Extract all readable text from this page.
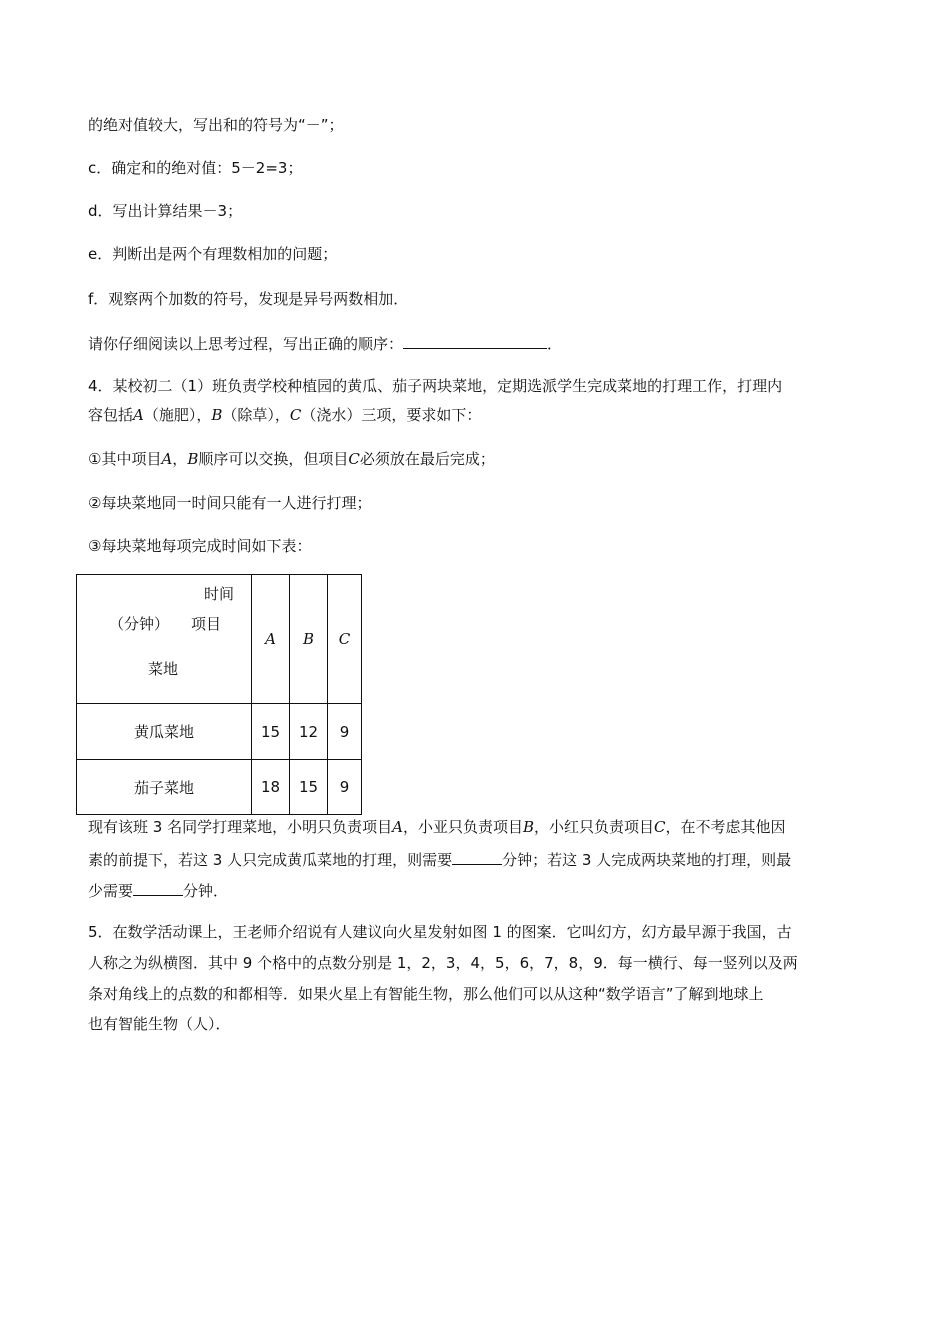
的绝对值较大，写出和的符号为“－”；
c．确定和的绝对值：5－2=3；
d．写出计算结果－3；
e．判断出是两个有理数相加的问题；
f．观察两个加数的符号，发现是异号两数相加．
请你仔细阅读以上思考过程，写出正确的顺序：	．
4．某校初二（1）班负责学校种植园的黄瓜、茄子两块菜地，定期选派学生完成菜地的打理工作，打理内
容包括A（施肥），B（除草），C（浇水）三项，要求如下：
①其中项目A，B顺序可以交换，但项目C必须放在最后完成；
②每块菜地同一时间只能有一人进行打理；
③每块菜地每项完成时间如下表：
时间
（分钟） 项目
菜地	A	B	C
黄瓜菜地	15	12	9
茄子菜地	18	15	9
现有该班 3 名同学打理菜地，小明只负责项目A，小亚只负责项目B，小红只负责项目C，在不考虑其他因
素的前提下，若这 3 人只完成黄瓜菜地的打理，则需要	分钟；若这 3 人完成两块菜地的打理，则最
少需要	分钟．
5．在数学活动课上，王老师介绍说有人建议向火星发射如图 1 的图案．它叫幻方，幻方最早源于我国，古
人称之为纵横图．其中 9 个格中的点数分别是 1，2，3，4，5，6，7，8，9．每一横行、每一竖列以及两
条对角线上的点数的和都相等．如果火星上有智能生物，那么他们可以从这种“数学语言”了解到地球上
也有智能生物（人）．
